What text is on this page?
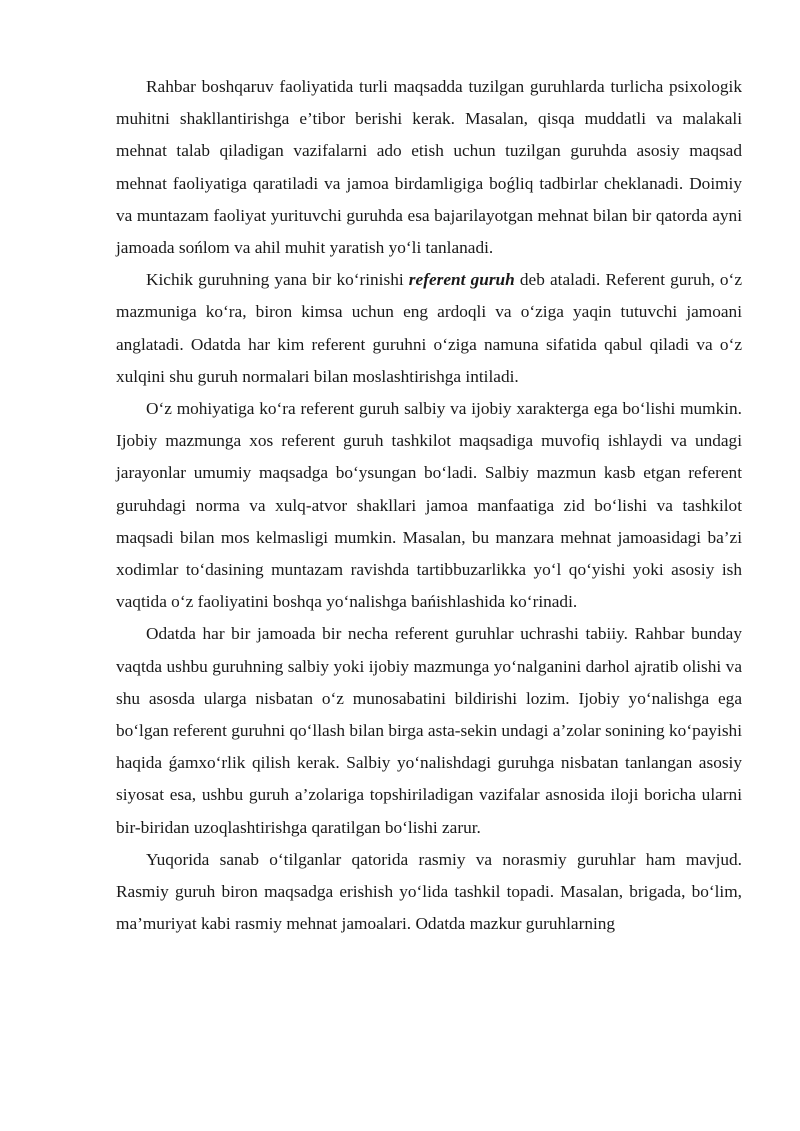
Rahbar boshqaruv faoliyatida turli maqsadda tuzilgan guruhlarda turlicha psixologik muhitni shakllantirishga e’tibor berishi kerak. Masalan, qisqa muddatli va malakali mehnat talab qiladigan vazifalarni ado etish uchun tuzilgan guruhda asosiy maqsad mehnat faoliyatiga qaratiladi va jamoa birdamligiga boǵliq tadbirlar cheklanadi. Doimiy va muntazam faoliyat yurituvchi guruhda esa bajarilayotgan mehnat bilan bir qatorda ayni jamoada sońlom va ahil muhit yaratish yo‘li tanlanadi.

Kichik guruhning yana bir ko‘rinishi referent guruh deb ataladi. Referent guruh, o‘z mazmuniga ko‘ra, biron kimsa uchun eng ardoqli va o‘ziga yaqin tutuvchi jamoani anglatadi. Odatda har kim referent guruhni o‘ziga namuna sifatida qabul qiladi va o‘z xulqini shu guruh normalari bilan moslashtirishga intiladi.

O‘z mohiyatiga ko‘ra referent guruh salbiy va ijobiy xarakterga ega bo‘lishi mumkin. Ijobiy mazmunga xos referent guruh tashkilot maqsadiga muvofiq ishlaydi va undagi jarayonlar umumiy maqsadga bo‘ysungan bo‘ladi. Salbiy mazmun kasb etgan referent guruhdagi norma va xulq-atvor shakllari jamoa manfaatiga zid bo‘lishi va tashkilot maqsadi bilan mos kelmasligi mumkin. Masalan, bu manzara mehnat jamoasidagi ba’zi xodimlar to‘dasining muntazam ravishda tartibbuzarlikka yo‘l qo‘yishi yoki asosiy ish vaqtida o‘z faoliyatini boshqa yo‘nalishga bańishlashida ko‘rinadi.

Odatda har bir jamoada bir necha referent guruhlar uchrashi tabiiy. Rahbar bunday vaqtda ushbu guruhning salbiy yoki ijobiy mazmunga yo‘nalganini darhol ajratib olishi va shu asosda ularga nisbatan o‘z munosabatini bildirishi lozim. Ijobiy yo‘nalishga ega bo‘lgan referent guruhni qo‘llash bilan birga asta-sekin undagi a’zolar sonining ko‘payishi haqida ǵamxo‘rlik qilish kerak. Salbiy yo‘nalishdagi guruhga nisbatan tanlangan asosiy siyosat esa, ushbu guruh a’zolariga topshiriladigan vazifalar asnosida iloji boricha ularni bir-biridan uzoqlashtirishga qaratilgan bo‘lishi zarur.

Yuqorida sanab o‘tilganlar qatorida rasmiy va norasmiy guruhlar ham mavjud. Rasmiy guruh biron maqsadga erishish yo‘lida tashkil topadi. Masalan, brigada, bo‘lim, ma’muriyat kabi rasmiy mehnat jamoalari. Odatda mazkur guruhlarning
